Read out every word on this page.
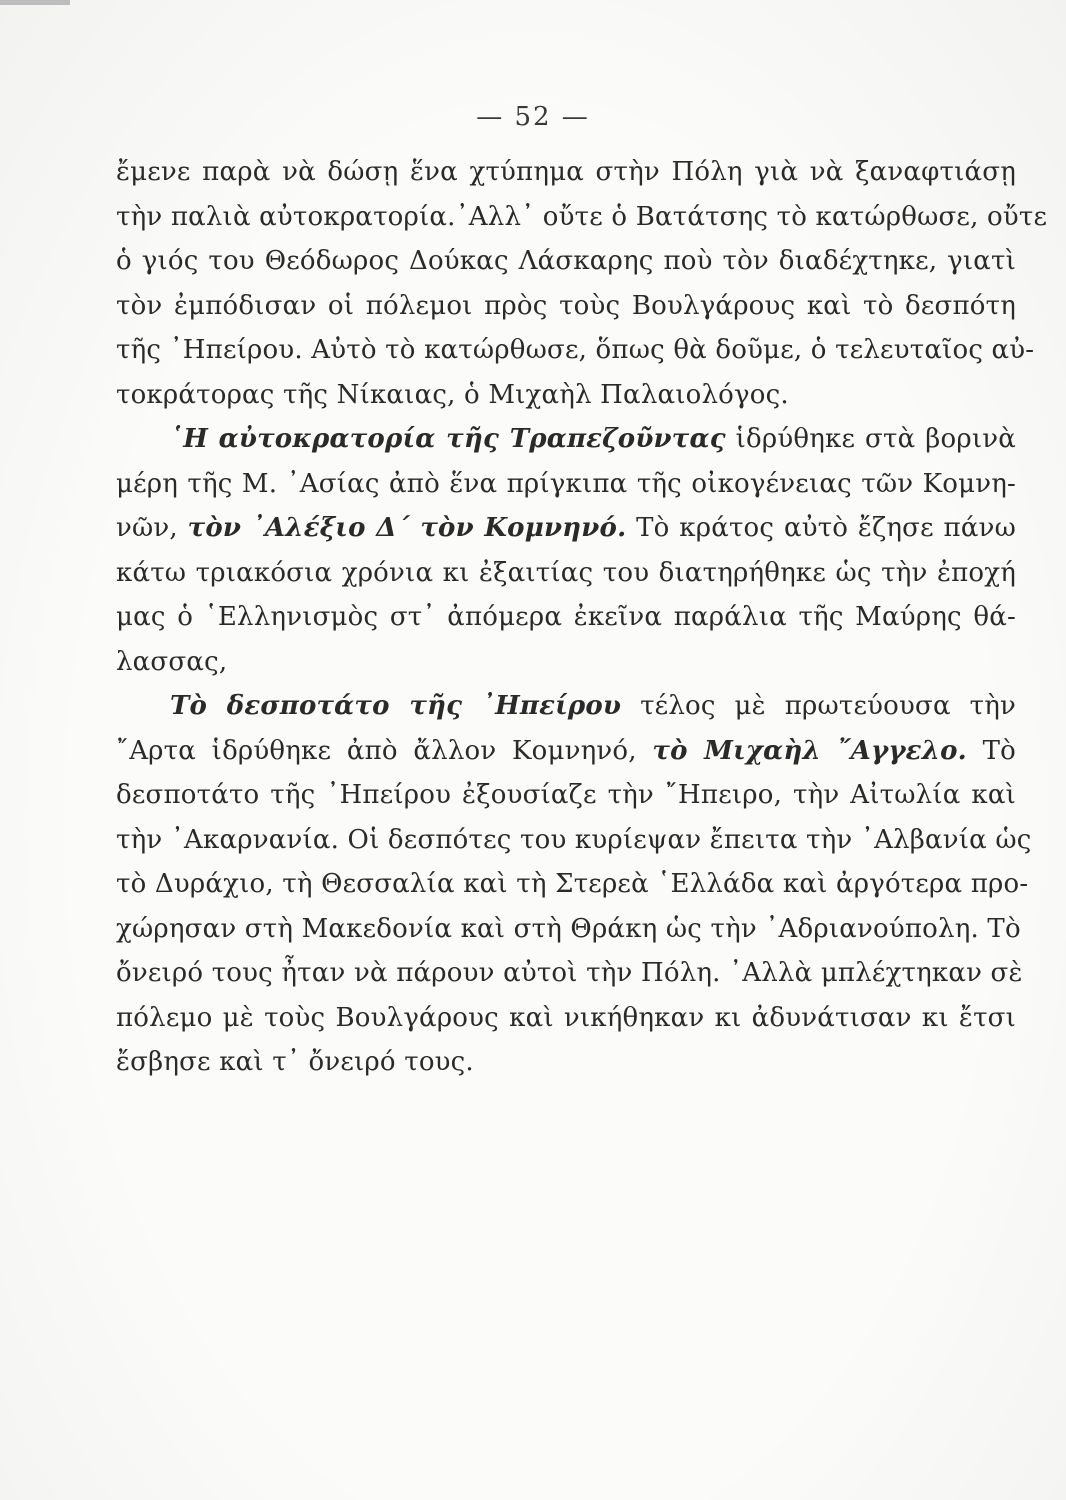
— 52 —
ἔμενε παρὰ νὰ δώσῃ ἕνα χτύπημα στὴν Πόλη γιὰ νὰ ξαναφτιάσῃ
τὴν παλιὰ αὐτοκρατορία.᾿Αλλ᾿ οὔτε ὁ Βατάτσης τὸ κατώρθωσε, οὔτε
ὁ γιός του Θεόδωρος Δούκας Λάσκαρης ποὺ τὸν διαδέχτηκε, γιατὶ
τὸν ἐμπόδισαν οἱ πόλεμοι πρὸς τοὺς Βουλγάρους καὶ τὸ δεσπότη
τῆς ᾿Ηπείρου. Αὐτὸ τὸ κατώρθωσε, ὅπως θὰ δοῦμε, ὁ τελευταῖος αὐ-
τοκράτορας τῆς Νίκαιας, ὁ Μιχαὴλ Παλαιολόγος.
῾Η αὐτοκρατορία τῆς Τραπεζοῦντας ἱδρύθηκε στὰ βορινὰ
μέρη τῆς Μ. ᾿Ασίας ἀπὸ ἕνα πρίγκιπα τῆς οἰκογένειας τῶν Κομνη-
νῶν, τὸν ᾿Αλέξιο Δ΄ τὸν Κομνηνό. Τὸ κράτος αὐτὸ ἔζησε πάνω
κάτω τριακόσια χρόνια κι ἐξαιτίας του διατηρήθηκε ὡς τὴν ἐποχή
μας ὁ ῾Ελληνισμὸς στ᾿ ἀπόμερα ἐκεῖνα παράλια τῆς Μαύρης θά-
λασσας,
Τὸ δεσποτάτο τῆς ᾿Ηπείρου τέλος μὲ πρωτεύουσα τὴν
῎Αρτα ἱδρύθηκε ἀπὸ ἄλλον Κομνηνό, τὸ Μιχαὴλ ῎Αγγελο. Τὸ
δεσποτάτο τῆς ᾿Ηπείρου ἐξουσίαζε τὴν ῎Ηπειρο, τὴν Αἰτωλία καὶ
τὴν ᾿Ακαρνανία. Οἱ δεσπότες του κυρίεψαν ἔπειτα τὴν ᾿Αλβανία ὡς
τὸ Δυράχιο, τὴ Θεσσαλία καὶ τὴ Στερεὰ ῾Ελλάδα καὶ ἀργότερα προ-
χώρησαν στὴ Μακεδονία καὶ στὴ Θράκη ὡς τὴν ᾿Αδριανούπολη. Τὸ
ὄνειρό τους ἦταν νὰ πάρουν αὐτοὶ τὴν Πόλη. ᾿Αλλὰ μπλέχτηκαν σὲ
πόλεμο μὲ τοὺς Βουλγάρους καὶ νικήθηκαν κι ἀδυνάτισαν κι ἔτσι
ἔσβησε καὶ τ᾿ ὄνειρό τους.
